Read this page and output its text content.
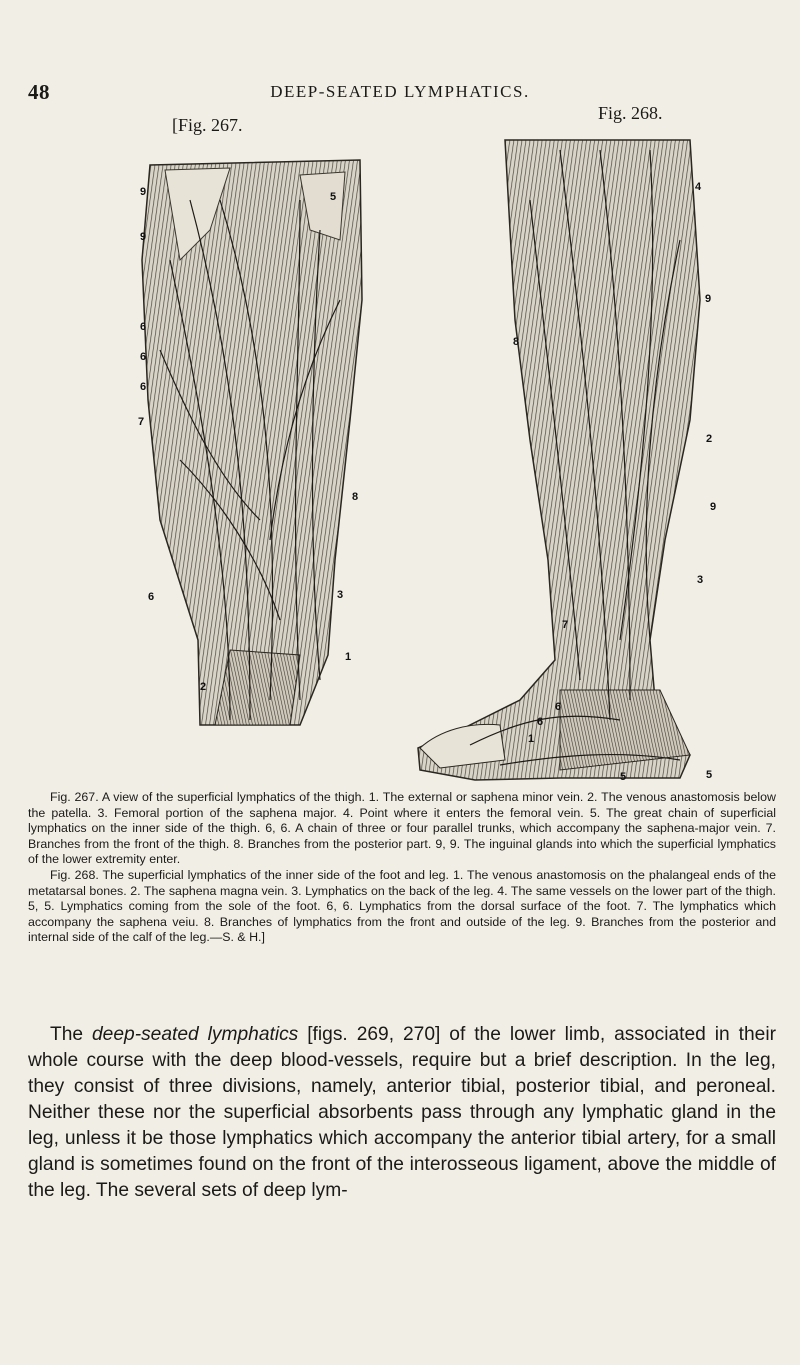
48	DEEP-SEATED LYMPHATICS.
[Fig. 267.
Fig. 268.
9
9
6
6
6
7
8
6	3
1
2
5
4
9
8
2
9
3
7
6
6
1
5	5

Fig. 267. A view of the superficial lymphatics of the thigh. 1. The external or saphena minor vein. 2. The venous anastomosis below the patella. 3. Femoral portion of the saphena major. 4. Point where it enters the femoral vein. 5. The great chain of superficial lymphatics on the inner side of the thigh. 6, 6. A chain of three or four parallel trunks, which accompany the saphena-major vein. 7. Branches from the front of the thigh. 8. Branches from the posterior part. 9, 9. The inguinal glands into which the superficial lymphatics of the lower extremity enter.

Fig. 268. The superficial lymphatics of the inner side of the foot and leg. 1. The venous anastomosis on the phalangeal ends of the metatarsal bones. 2. The saphena magna vein. 3. Lymphatics on the back of the leg. 4. The same vessels on the lower part of the thigh. 5, 5. Lymphatics coming from the sole of the foot. 6, 6. Lymphatics from the dorsal surface of the foot. 7. The lymphatics which accompany the saphena veiu. 8. Branches of lymphatics from the front and outside of the leg. 9. Branches from the posterior and internal side of the calf of the leg.—S. & H.]

The deep-seated lymphatics [figs. 269, 270] of the lower limb, associated in their whole course with the deep blood-vessels, require but a brief description. In the leg, they consist of three divisions, namely, anterior tibial, posterior tibial, and peroneal. Neither these nor the superficial absorbents pass through any lymphatic gland in the leg, unless it be those lymphatics which accompany the anterior tibial artery, for a small gland is sometimes found on the front of the interosseous ligament, above the middle of the leg. The several sets of deep lym-
